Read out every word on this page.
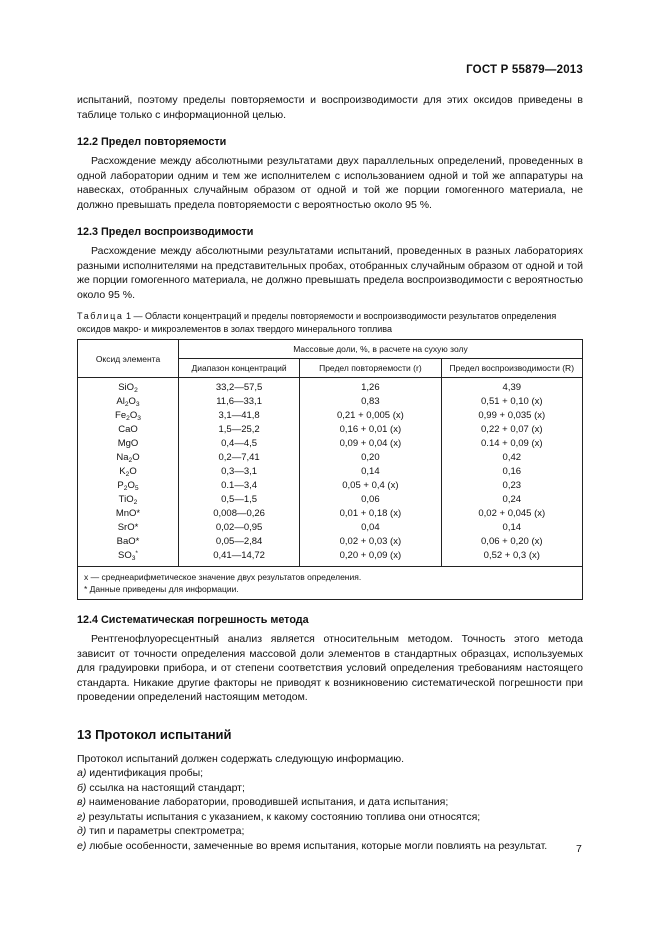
ГОСТ Р 55879—2013

испытаний, поэтому пределы повторяемости и воспроизводимости для этих оксидов приведены в таблице только с информационной целью.

12.2 Предел повторяемости

Расхождение между абсолютными результатами двух параллельных определений, проведенных в одной лаборатории одним и тем же исполнителем с использованием одной и той же аппаратуры на навесках, отобранных случайным образом от одной и той же порции гомогенного материала, не должно превышать предела повторяемости с вероятностью около 95 %.

12.3 Предел воспроизводимости

Расхождение между абсолютными результатами испытаний, проведенных в разных лабораториях разными исполнителями на представительных пробах, отобранных случайным образом от одной и той же порции гомогенного материала, не должно превышать предела воспроизводимости с вероятностью около 95 %.

Таблица 1 — Области концентраций и пределы повторяемости и воспроизводимости результатов определения оксидов макро- и микроэлементов в золах твердого минерального топлива

Оксид элемента	Массовые доли, %, в расчете на сухую золу		
	Диапазон концентраций	Предел повторяемости (r)	Предел воспроизводимости (R)
SiO$_2$	33,2—57,5	1,26	4,39
$Al_2O_3$	11,6—33,1	0,83	0,51 + 0,10 (x)
$Fe_2O_3$	3,1—41,8	0,21 + 0,005 (x)	0,99 + 0,035 (x)
CaO	1,5—25,2	0,16 + 0,01 (x)	0,22 + 0,07 (x)
MgO	0,4—4,5	0,09 + 0,04 (x)	0.14 + 0,09 (x)
$Na_2O$	0,2—7,41	0,20	0,42
$K_2O$	0,3—3,1	0,14	0,16
$P_2O_5$	0.1—3,4	0,05 + 0,4 (x)	0,23
TiO$_2$	0,5—1,5	0,06	0,24
MnO*	0,008—0,26	0,01 + 0,18 (x)	0,02 + 0,045 (x)
SrO*	0,02—0,95	0,04	0,14
BaO*	0,05—2,84	0,02 + 0,03 (x)	0,06 + 0,20 (x)
$SO_3^*$	0,41—14,72	0,20 + 0,09 (x)	0,52 + 0,3 (x)

x — среднеарифметическое значение двух результатов определения.
* Данные приведены для информации.			
12.4 Систематическая погрешность метода

Рентгенофлуоресцентный анализ является относительным методом. Точность этого метода зависит от точности определения массовой доли элементов в стандартных образцах, используемых для градуировки прибора, и от степени соответствия условий определения требованиям настоящего стандарта. Никакие другие факторы не приводят к возникновению систематической погрешности при проведении определений настоящим методом.

13 Протокол испытаний

Протокол испытаний должен содержать следующую информацию.

а) идентификация пробы;

б) ссылка на настоящий стандарт;

в) наименование лаборатории, проводившей испытания, и дата испытания;

г) результаты испытания с указанием, к какому состоянию топлива они относятся;

д) тип и параметры спектрометра;

е) любые особенности, замеченные во время испытания, которые могли повлиять на результат.	7
